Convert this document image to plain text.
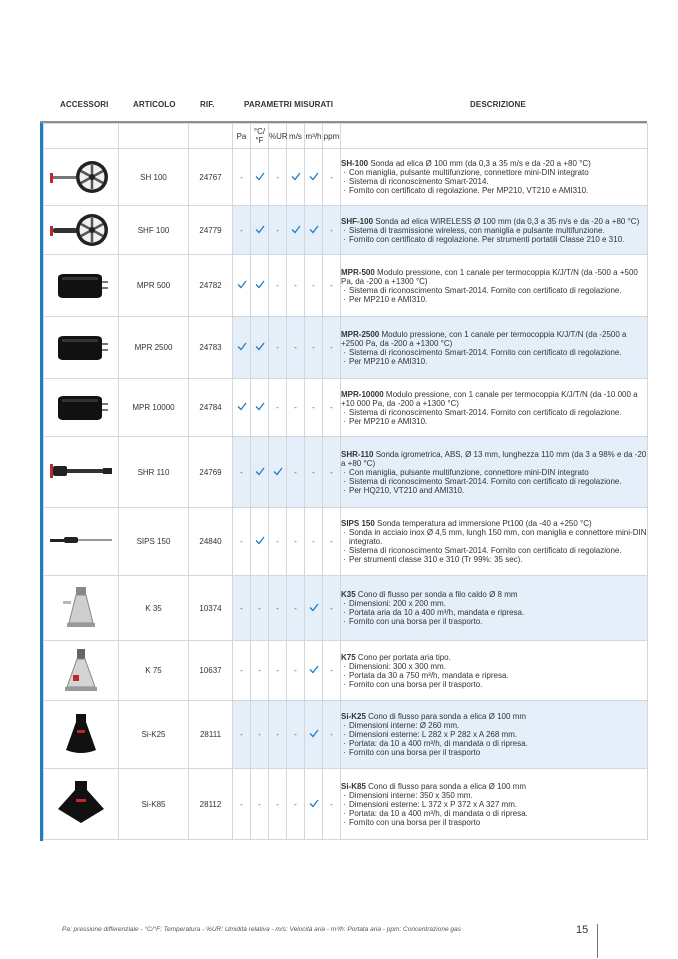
ACCESSORI	ARTICOLO	RIF.	PARAMETRI MISURATI	DESCRIZIONE
			Pa	°C/°F	%UR	m/s	m³/h	ppm	
	SH 100	24767	-		-			-	SH-100 Sonda ad elica Ø 100 mm (da 0,3 a 35 m/s e da -20 a +80 °C)
· Con maniglia, pulsante multifunzione, connettore mini-DIN integrato
· Sistema di riconoscimento Smart-2014.
· Fornito con certificato di regolazione. Per MP210, VT210 e AMI310.

	SHF 100	24779	-		-			-	SHF-100 Sonda ad elica WIRELESS Ø 100 mm (da 0,3 a 35 m/s e da -20 a +80 °C)
· Sistema di trasmissione wireless, con maniglia e pulsante multifunzione.
· Fornito con certificato di regolazione. Per strumenti portatili Classe 210 e 310.

	MPR 500	24782			-	-	-	-	MPR-500 Modulo pressione, con 1 canale per termocoppia K/J/T/N (da -500 a +500 Pa, da -200 a +1300 °C)
· Sistema di riconoscimento Smart-2014. Fornito con certificato di regolazione.
· Per MP210 e AMI310.

	MPR 2500	24783			-	-	-	-	MPR-2500 Modulo pressione, con 1 canale per termocoppia K/J/T/N (da -2500 a +2500 Pa, da -200 a +1300 °C)
· Sistema di riconoscimento Smart-2014. Fornito con certificato di regolazione.
· Per MP210 e AMI310.

	MPR 10000	24784			-	-	-	-	MPR-10000 Modulo pressione, con 1 canale per termocoppia K/J/T/N (da -10 000 a +10 000 Pa, da -200 a +1300 °C)
· Sistema di riconoscimento Smart-2014. Fornito con certificato di regolazione.
· Per MP210 e AMI310.

	SHR 110	24769	-			-	-	-	SHR-110 Sonda igrometrica, ABS, Ø 13 mm, lunghezza 110 mm (da 3 a 98% e da -20 a +80 °C)
· Con maniglia, pulsante multifunzione, connettore mini-DIN integrato
· Sistema di riconoscimento Smart-2014. Fornito con certificato di regolazione.
· Per HQ210, VT210 and AMI310.

	SIPS 150	24840	-		-	-	-	-	SIPS 150 Sonda temperatura ad immersione Pt100 (da -40 a +250 °C)
· Sonda in acciaio inox Ø 4,5 mm, lungh 150 mm, con maniglia e connettore mini-DIN integrato.
· Sistema di riconoscimento Smart-2014. Fornito con certificato di regolazione.
· Per strumenti classe 310 e 310 (Tr 99%: 35 sec).

	K 35	10374	-	-	-	-		-	K35 Cono di flusso per sonda a filo caldo Ø 8 mm
· Dimensioni: 200 x 200 mm.
· Portata aria da 10 a 400 m³/h, mandata e ripresa.
· Fornito con una borsa per il trasporto.

	K 75	10637	-	-	-	-		-	K75 Cono per portata aria tipo.
· Dimensioni: 300 x 300 mm.
· Portata da 30 a 750 m³/h, mandata e ripresa.
· Fornito con una borsa per il trasporto.

	Si-K25	28111	-	-	-	-		-	Si-K25 Cono di flusso para sonda a elica Ø 100 mm
· Dimensioni interne: Ø 260 mm.
· Dimensioni esterne: L 282 x P 282 x A 268 mm.
· Portata: da 10 a 400 m³/h, di mandata o di ripresa.
· Fornito con una borsa per il trasporto

	Si-K85	28112	-	-	-	-		-	Si-K85 Cono di flusso para sonda a elica Ø 100 mm
· Dimensioni interne: 350 x 350 mm.
· Dimensioni esterne: L 372 x P 372 x A 327 mm.
· Portata: da 10 a 400 m³/h, di mandata o di ripresa.
· Fornito con una borsa per il trasporto
Pa: pressione differenziale - °C/°F: Temperatura - %UR: Umidità relativa - m/s: Velocità aria - m³/h: Portata aria - ppm: Concentrazione gas	15
